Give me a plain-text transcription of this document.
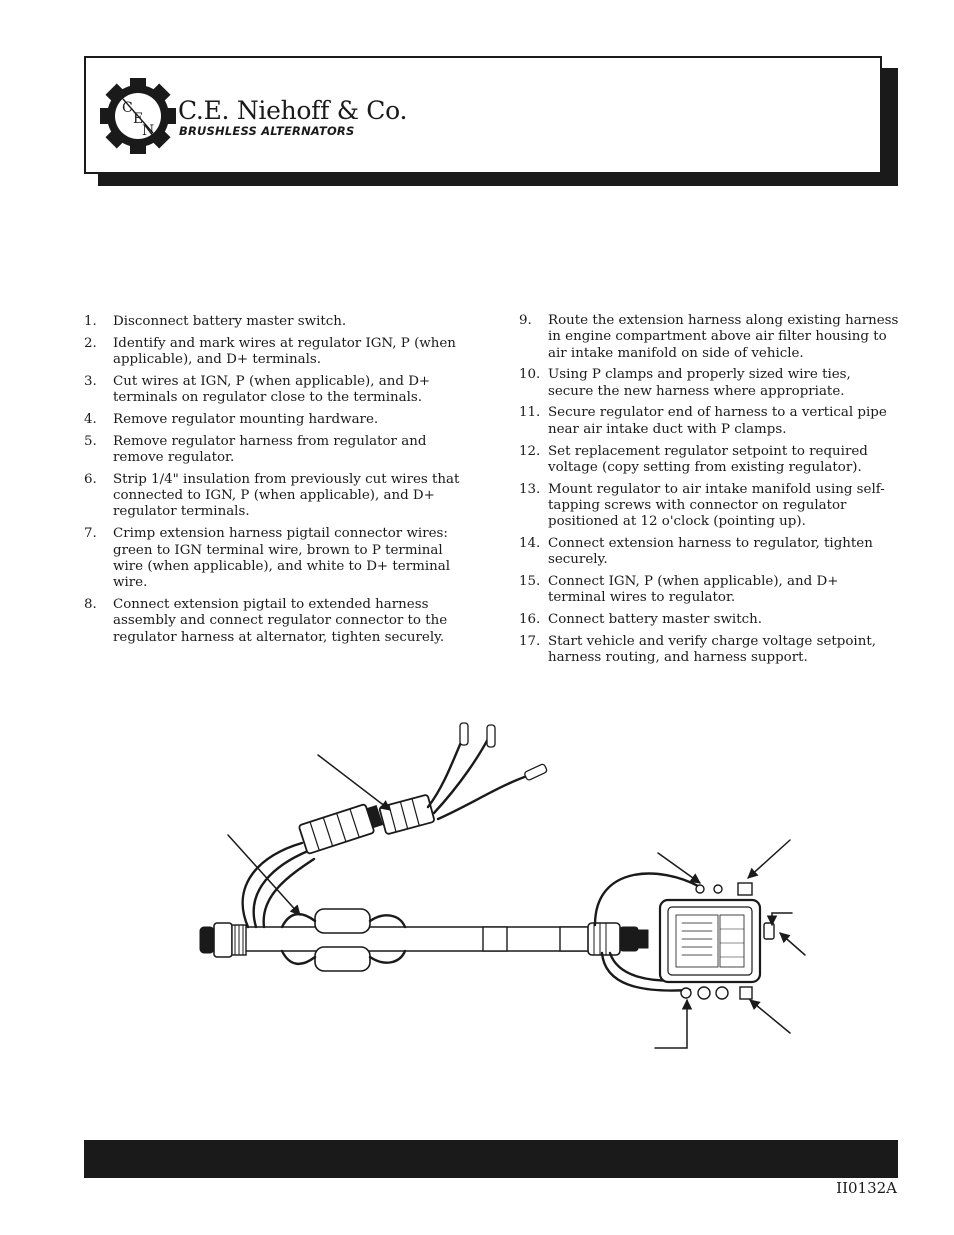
C
E
N
C.E. Niehoff & Co.
BRUSHLESS ALTERNATORS
1. Disconnect battery master switch.
2. Identify and mark wires at regulator IGN, P (when applicable), and D+ terminals.
3. Cut wires at IGN, P (when applicable), and D+ terminals on regulator close to the terminals.
4. Remove regulator mounting hardware.
5. Remove regulator harness from regulator and remove regulator.
6. Strip 1/4" insulation from previously cut wires that connected to IGN, P (when applicable), and D+ regulator terminals.
7. Crimp extension harness pigtail connector wires: green to IGN terminal wire, brown to P terminal wire (when applicable), and white to D+ terminal wire.
8. Connect extension pigtail to extended harness assembly and connect regulator connector to the regulator harness at alternator, tighten securely.
9. Route the extension harness along existing harness in engine compartment above air filter housing to air intake manifold on side of vehicle.
10. Using P clamps and properly sized wire ties, secure the new harness where appropriate.
11. Secure regulator end of harness to a vertical pipe near air intake duct with P clamps.
12. Set replacement regulator setpoint to required voltage (copy setting from existing regulator).
13. Mount regulator to air intake manifold using self-tapping screws with connector on regulator positioned at 12 o'clock (pointing up).
14. Connect extension harness to regulator, tighten securely.
15. Connect IGN, P (when applicable), and D+ terminal wires to regulator.
16. Connect battery master switch.
17. Start vehicle and verify charge voltage setpoint, harness routing, and harness support.
II0132A
